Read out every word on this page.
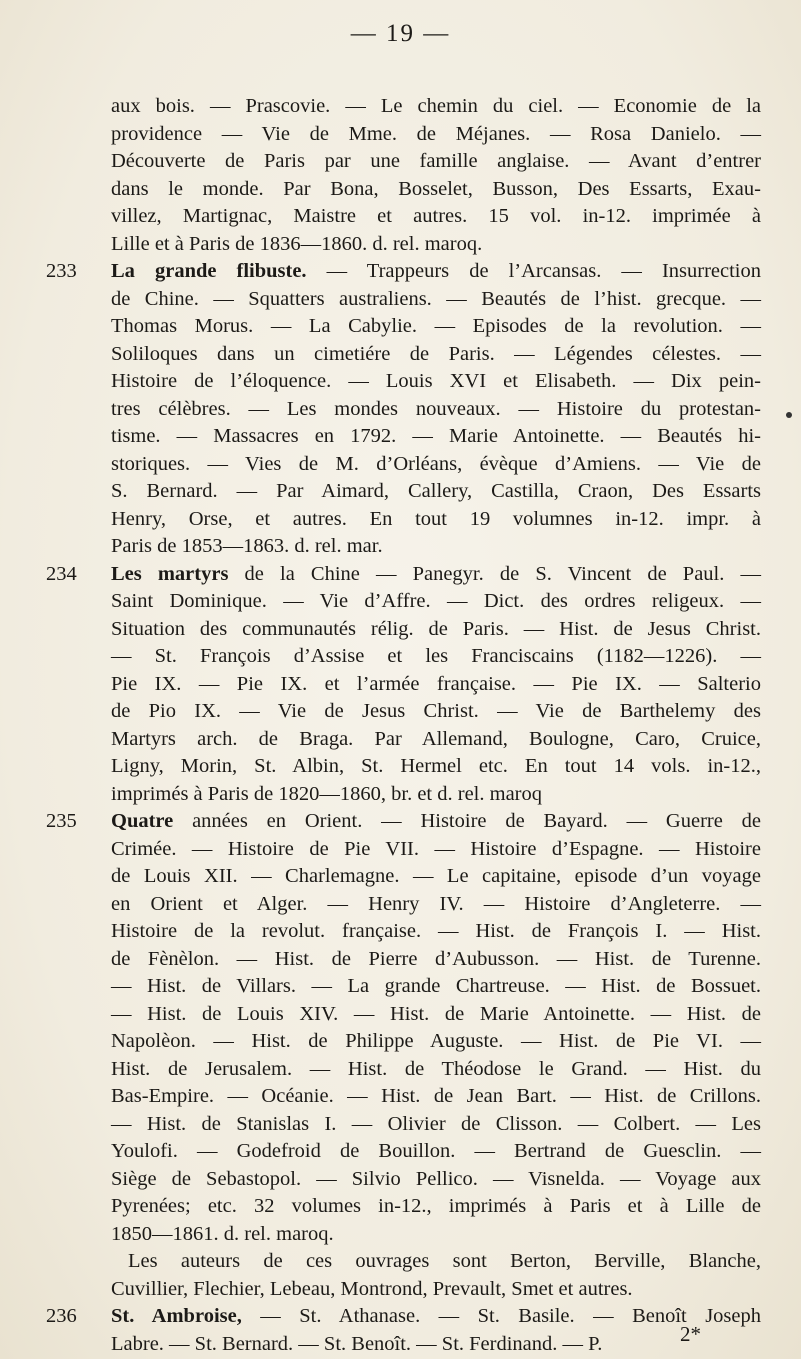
— 19 —
aux bois. — Prascovie. — Le chemin du ciel. — Economie de la
providence — Vie de Mme. de Méjanes. — Rosa Danielo. —
Découverte de Paris par une famille anglaise. — Avant d’entrer
dans le monde. Par Bona, Bosselet, Busson, Des Essarts, Exau-
villez, Martignac, Maistre et autres. 15 vol. in-12. imprimée à
Lille et à Paris de 1836—1860. d. rel. maroq.
233	La grande flibuste. — Trappeurs de l’Arcansas. — Insurrection
de Chine. — Squatters australiens. — Beautés de l’hist. grecque. —
Thomas Morus. — La Cabylie. — Episodes de la revolution. —
Soliloques dans un cimetiére de Paris. — Légendes célestes. —
Histoire de l’éloquence. — Louis XVI et Elisabeth. — Dix pein-
tres célèbres. — Les mondes nouveaux. — Histoire du protestan-
tisme. — Massacres en 1792. — Marie Antoinette. — Beautés hi-
storiques. — Vies de M. d’Orléans, évèque d’Amiens. — Vie de
S. Bernard. — Par Aimard, Callery, Castilla, Craon, Des Essarts
Henry, Orse, et autres. En tout 19 volumnes in-12. impr. à
Paris de 1853—1863. d. rel. mar.
234	Les martyrs de la Chine — Panegyr. de S. Vincent de Paul. —
Saint Dominique. — Vie d’Affre. — Dict. des ordres religeux. —
Situation des communautés rélig. de Paris. — Hist. de Jesus Christ.
— St. François d’Assise et les Franciscains (1182—1226). —
Pie IX. — Pie IX. et l’armée française. — Pie IX. — Salterio
de Pio IX. — Vie de Jesus Christ. — Vie de Barthelemy des
Martyrs arch. de Braga. Par Allemand, Boulogne, Caro, Cruice,
Ligny, Morin, St. Albin, St. Hermel etc. En tout 14 vols. in-12.,
imprimés à Paris de 1820—1860, br. et d. rel. maroq
235	Quatre années en Orient. — Histoire de Bayard. — Guerre de
Crimée. — Histoire de Pie VII. — Histoire d’Espagne. — Histoire
de Louis XII. — Charlemagne. — Le capitaine, episode d’un voyage
en Orient et Alger. — Henry IV. — Histoire d’Angleterre. —
Histoire de la revolut. française. — Hist. de François I. — Hist.
de Fènèlon. — Hist. de Pierre d’Aubusson. — Hist. de Turenne.
— Hist. de Villars. — La grande Chartreuse. — Hist. de Bossuet.
— Hist. de Louis XIV. — Hist. de Marie Antoinette. — Hist. de
Napolèon. — Hist. de Philippe Auguste. — Hist. de Pie VI. —
Hist. de Jerusalem. — Hist. de Théodose le Grand. — Hist. du
Bas-Empire. — Océanie. — Hist. de Jean Bart. — Hist. de Crillons.
— Hist. de Stanislas I. — Olivier de Clisson. — Colbert. — Les
Youlofi. — Godefroid de Bouillon. — Bertrand de Guesclin. —
Siège de Sebastopol. — Silvio Pellico. — Visnelda. — Voyage aux
Pyrenées; etc. 32 volumes in-12., imprimés à Paris et à Lille de
1850—1861. d. rel. maroq.
Les auteurs de ces ouvrages sont Berton, Berville, Blanche,
Cuvillier, Flechier, Lebeau, Montrond, Prevault, Smet et autres.
236	St. Ambroise, — St. Athanase. — St. Basile. — Benoît Joseph
Labre. — St. Bernard. — St. Benoît. — St. Ferdinand. — P.	2*
